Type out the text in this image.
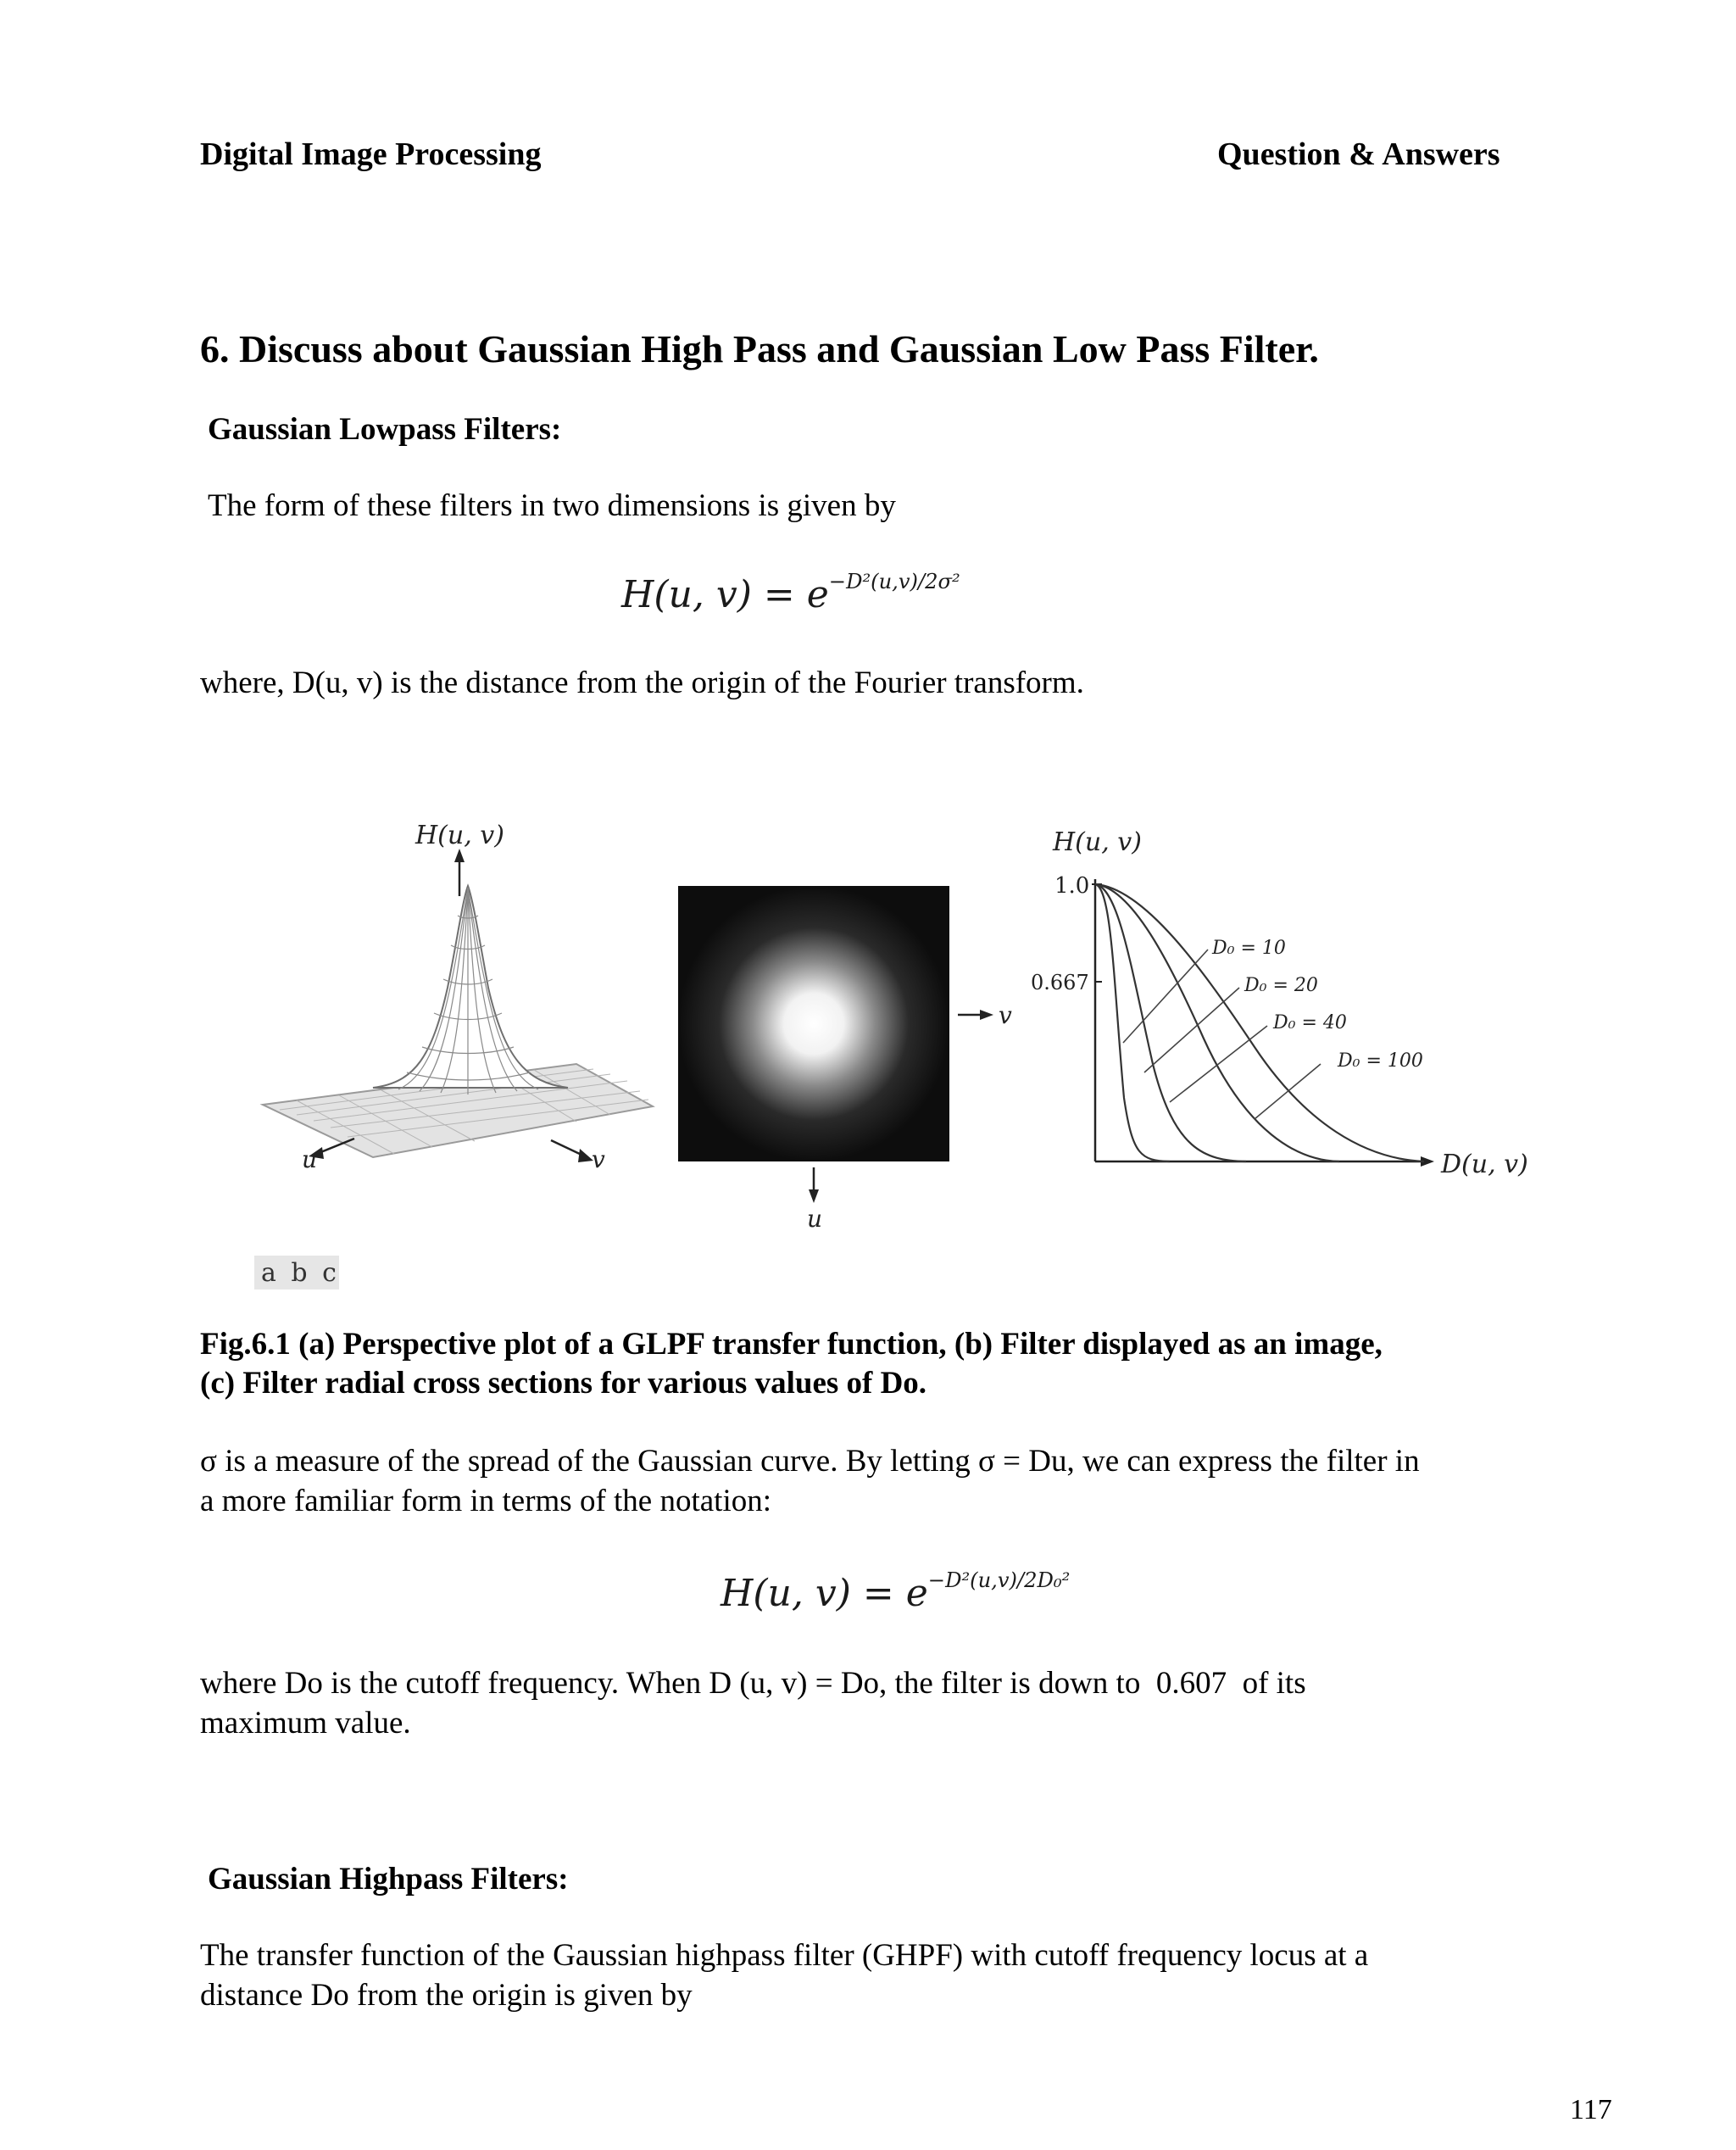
Digital Image Processing	Question & Answers
6. Discuss about Gaussian High Pass and Gaussian Low Pass Filter.
Gaussian Lowpass Filters:
The form of these filters in two dimensions is given by
H(u, $v) = e^{-D^2(u,v)/2\sigma^2}$
where, D(u, v) is the distance from the origin of the Fourier transform.
H(u, v)
u	v
v
u
H(u, v)
1.0
0.667
D(u, v)
D₀ = 10
D₀ = 20
D₀ = 40
D₀ = 100
a b c
Fig.6.1 (a) Perspective plot of a GLPF transfer function, (b) Filter displayed as an image,
(c) Filter radial cross sections for various values of Do.
σ is a measure of the spread of the Gaussian curve. By letting σ = Du, we can express the filter in
a more familiar form in terms of the notation:
H(u, $v) = e^{-D^2(u,v)/2D_0^2}$
where Do is the cutoff frequency. When D (u, v) = Do, the filter is down to  0.607  of its
maximum value.
Gaussian Highpass Filters:
The transfer function of the Gaussian highpass filter (GHPF) with cutoff frequency locus at a
distance Do from the origin is given by
117
